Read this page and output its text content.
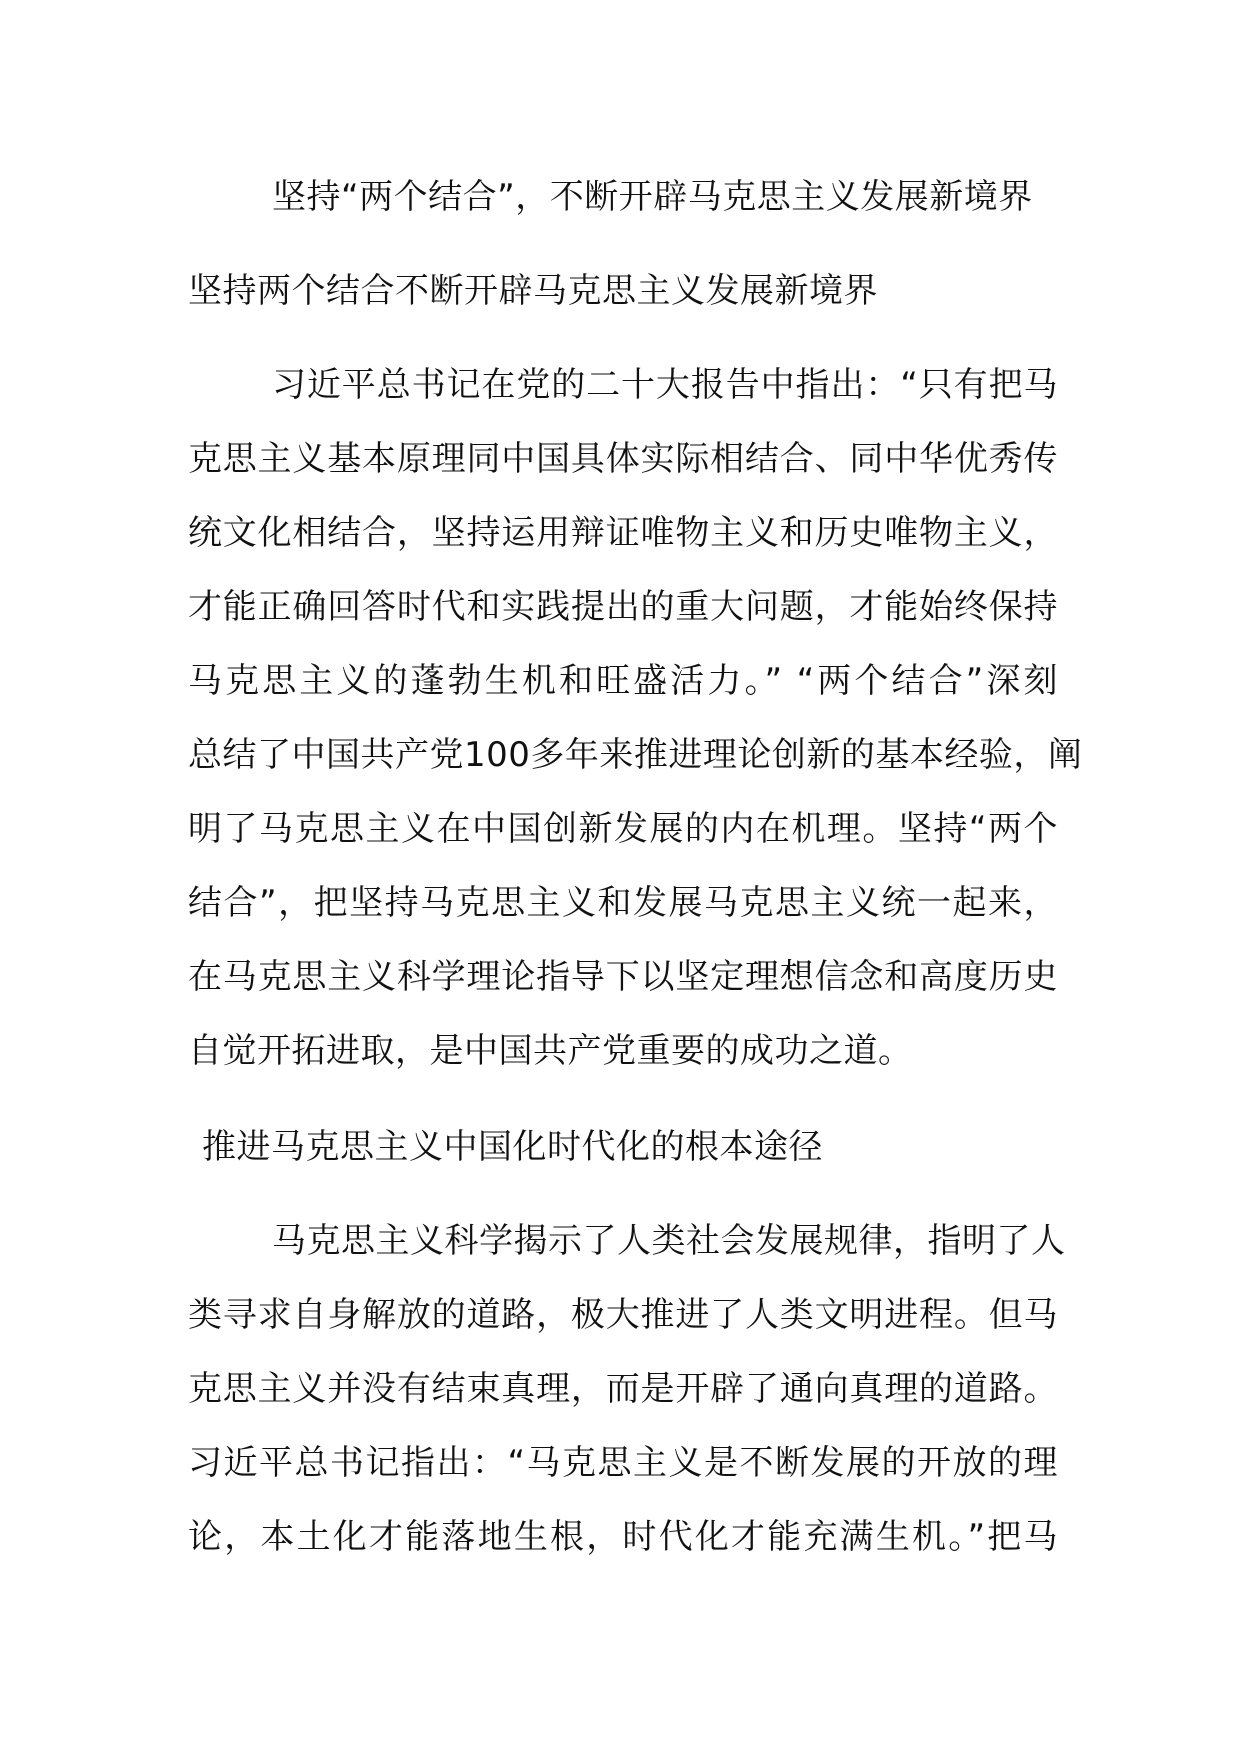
坚持“两个结合”，不断开辟马克思主义发展新境界
坚持两个结合不断开辟马克思主义发展新境界
习近平总书记在党的二十大报告中指出：“只有把马
克思主义基本原理同中国具体实际相结合、同中华优秀传
统文化相结合，坚持运用辩证唯物主义和历史唯物主义，
才能正确回答时代和实践提出的重大问题，才能始终保持
马克思主义的蓬勃生机和旺盛活力。” “两个结合”深刻
总结了中国共产党100多年来推进理论创新的基本经验，阐
明了马克思主义在中国创新发展的内在机理。坚持“两个
结合”，把坚持马克思主义和发展马克思主义统一起来，
在马克思主义科学理论指导下以坚定理想信念和高度历史
自觉开拓进取，是中国共产党重要的成功之道。
推进马克思主义中国化时代化的根本途径
马克思主义科学揭示了人类社会发展规律，指明了人
类寻求自身解放的道路，极大推进了人类文明进程。但马
克思主义并没有结束真理，而是开辟了通向真理的道路。
习近平总书记指出：“马克思主义是不断发展的开放的理
论，本土化才能落地生根，时代化才能充满生机。”把马
